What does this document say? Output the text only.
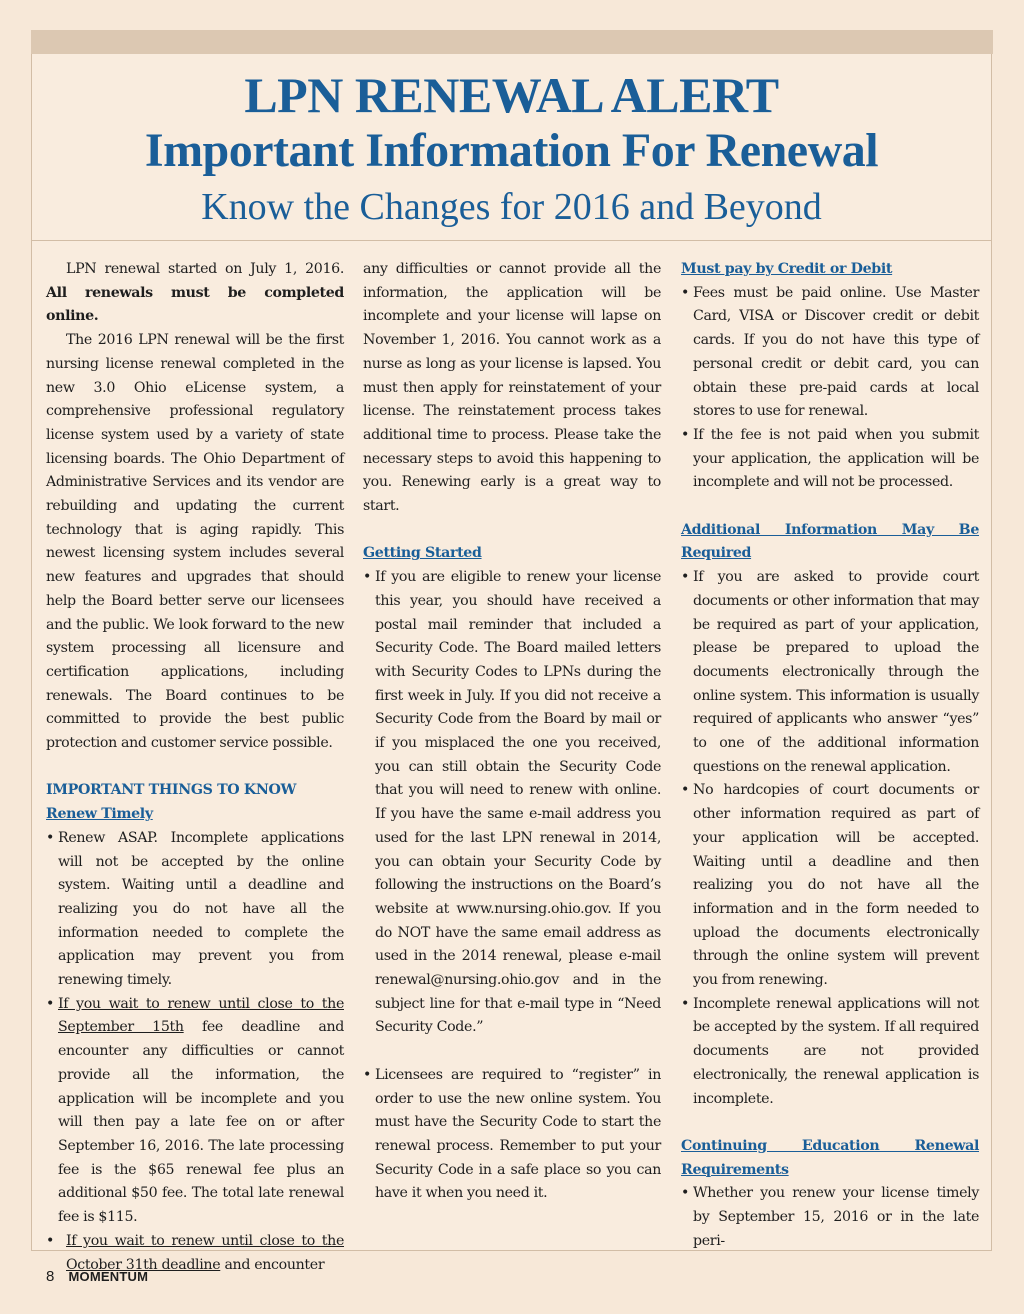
LPN RENEWAL ALERT
Important Information For Renewal
Know the Changes for 2016 and Beyond

LPN renewal started on July 1, 2016. All renewals must be completed online.

The 2016 LPN renewal will be the first nursing license renewal completed in the new 3.0 Ohio eLicense system, a comprehensive professional regulatory license system used by a variety of state licensing boards. The Ohio Department of Administrative Services and its vendor are rebuilding and updating the current technology that is aging rapidly. This newest licensing system includes several new features and upgrades that should help the Board better serve our licensees and the public. We look forward to the new system processing all licensure and certification applications, including renewals. The Board continues to be committed to provide the best public protection and customer service possible.

IMPORTANT THINGS TO KNOW

Renew Timely

• Renew ASAP. Incomplete applications will not be accepted by the online system. Waiting until a deadline and realizing you do not have all the information needed to complete the application may prevent you from renewing timely.
• If you wait to renew until close to the September 15th fee deadline and encounter any difficulties or cannot provide all the information, the application will be incomplete and you will then pay a late fee on or after September 16, 2016. The late processing fee is the $65 renewal fee plus an additional $50 fee. The total late renewal fee is $115.
• If you wait to renew until close to the October 31th deadline and encounter

any difficulties or cannot provide all the information, the application will be incomplete and your license will lapse on November 1, 2016. You cannot work as a nurse as long as your license is lapsed. You must then apply for reinstatement of your license. The reinstatement process takes additional time to process. Please take the necessary steps to avoid this happening to you. Renewing early is a great way to start.

Getting Started

• If you are eligible to renew your license this year, you should have received a postal mail reminder that included a Security Code. The Board mailed letters with Security Codes to LPNs during the first week in July. If you did not receive a Security Code from the Board by mail or if you misplaced the one you received, you can still obtain the Security Code that you will need to renew with online. If you have the same e-mail address you used for the last LPN renewal in 2014, you can obtain your Security Code by following the instructions on the Board’s website at www.nursing.ohio.gov. If you do NOT have the same email address as used in the 2014 renewal, please e-mail renewal@nursing.ohio.gov and in the subject line for that e-mail type in “Need Security Code.”
• Licensees are required to “register” in order to use the new online system. You must have the Security Code to start the renewal process. Remember to put your Security Code in a safe place so you can have it when you need it.

Must pay by Credit or Debit

• Fees must be paid online. Use Master Card, VISA or Discover credit or debit cards. If you do not have this type of personal credit or debit card, you can obtain these pre-paid cards at local stores to use for renewal.
• If the fee is not paid when you submit your application, the application will be incomplete and will not be processed.

Additional Information May Be Required

• If you are asked to provide court documents or other information that may be required as part of your application, please be prepared to upload the documents electronically through the online system. This information is usually required of applicants who answer “yes” to one of the additional information questions on the renewal application.
• No hardcopies of court documents or other information required as part of your application will be accepted. Waiting until a deadline and then realizing you do not have all the information and in the form needed to upload the documents electronically through the online system will prevent you from renewing.
• Incomplete renewal applications will not be accepted by the system. If all required documents are not provided electronically, the renewal application is incomplete.

Continuing Education Renewal Requirements

• Whether you renew your license timely by September 15, 2016 or in the late peri-
8 MOMENTUM
